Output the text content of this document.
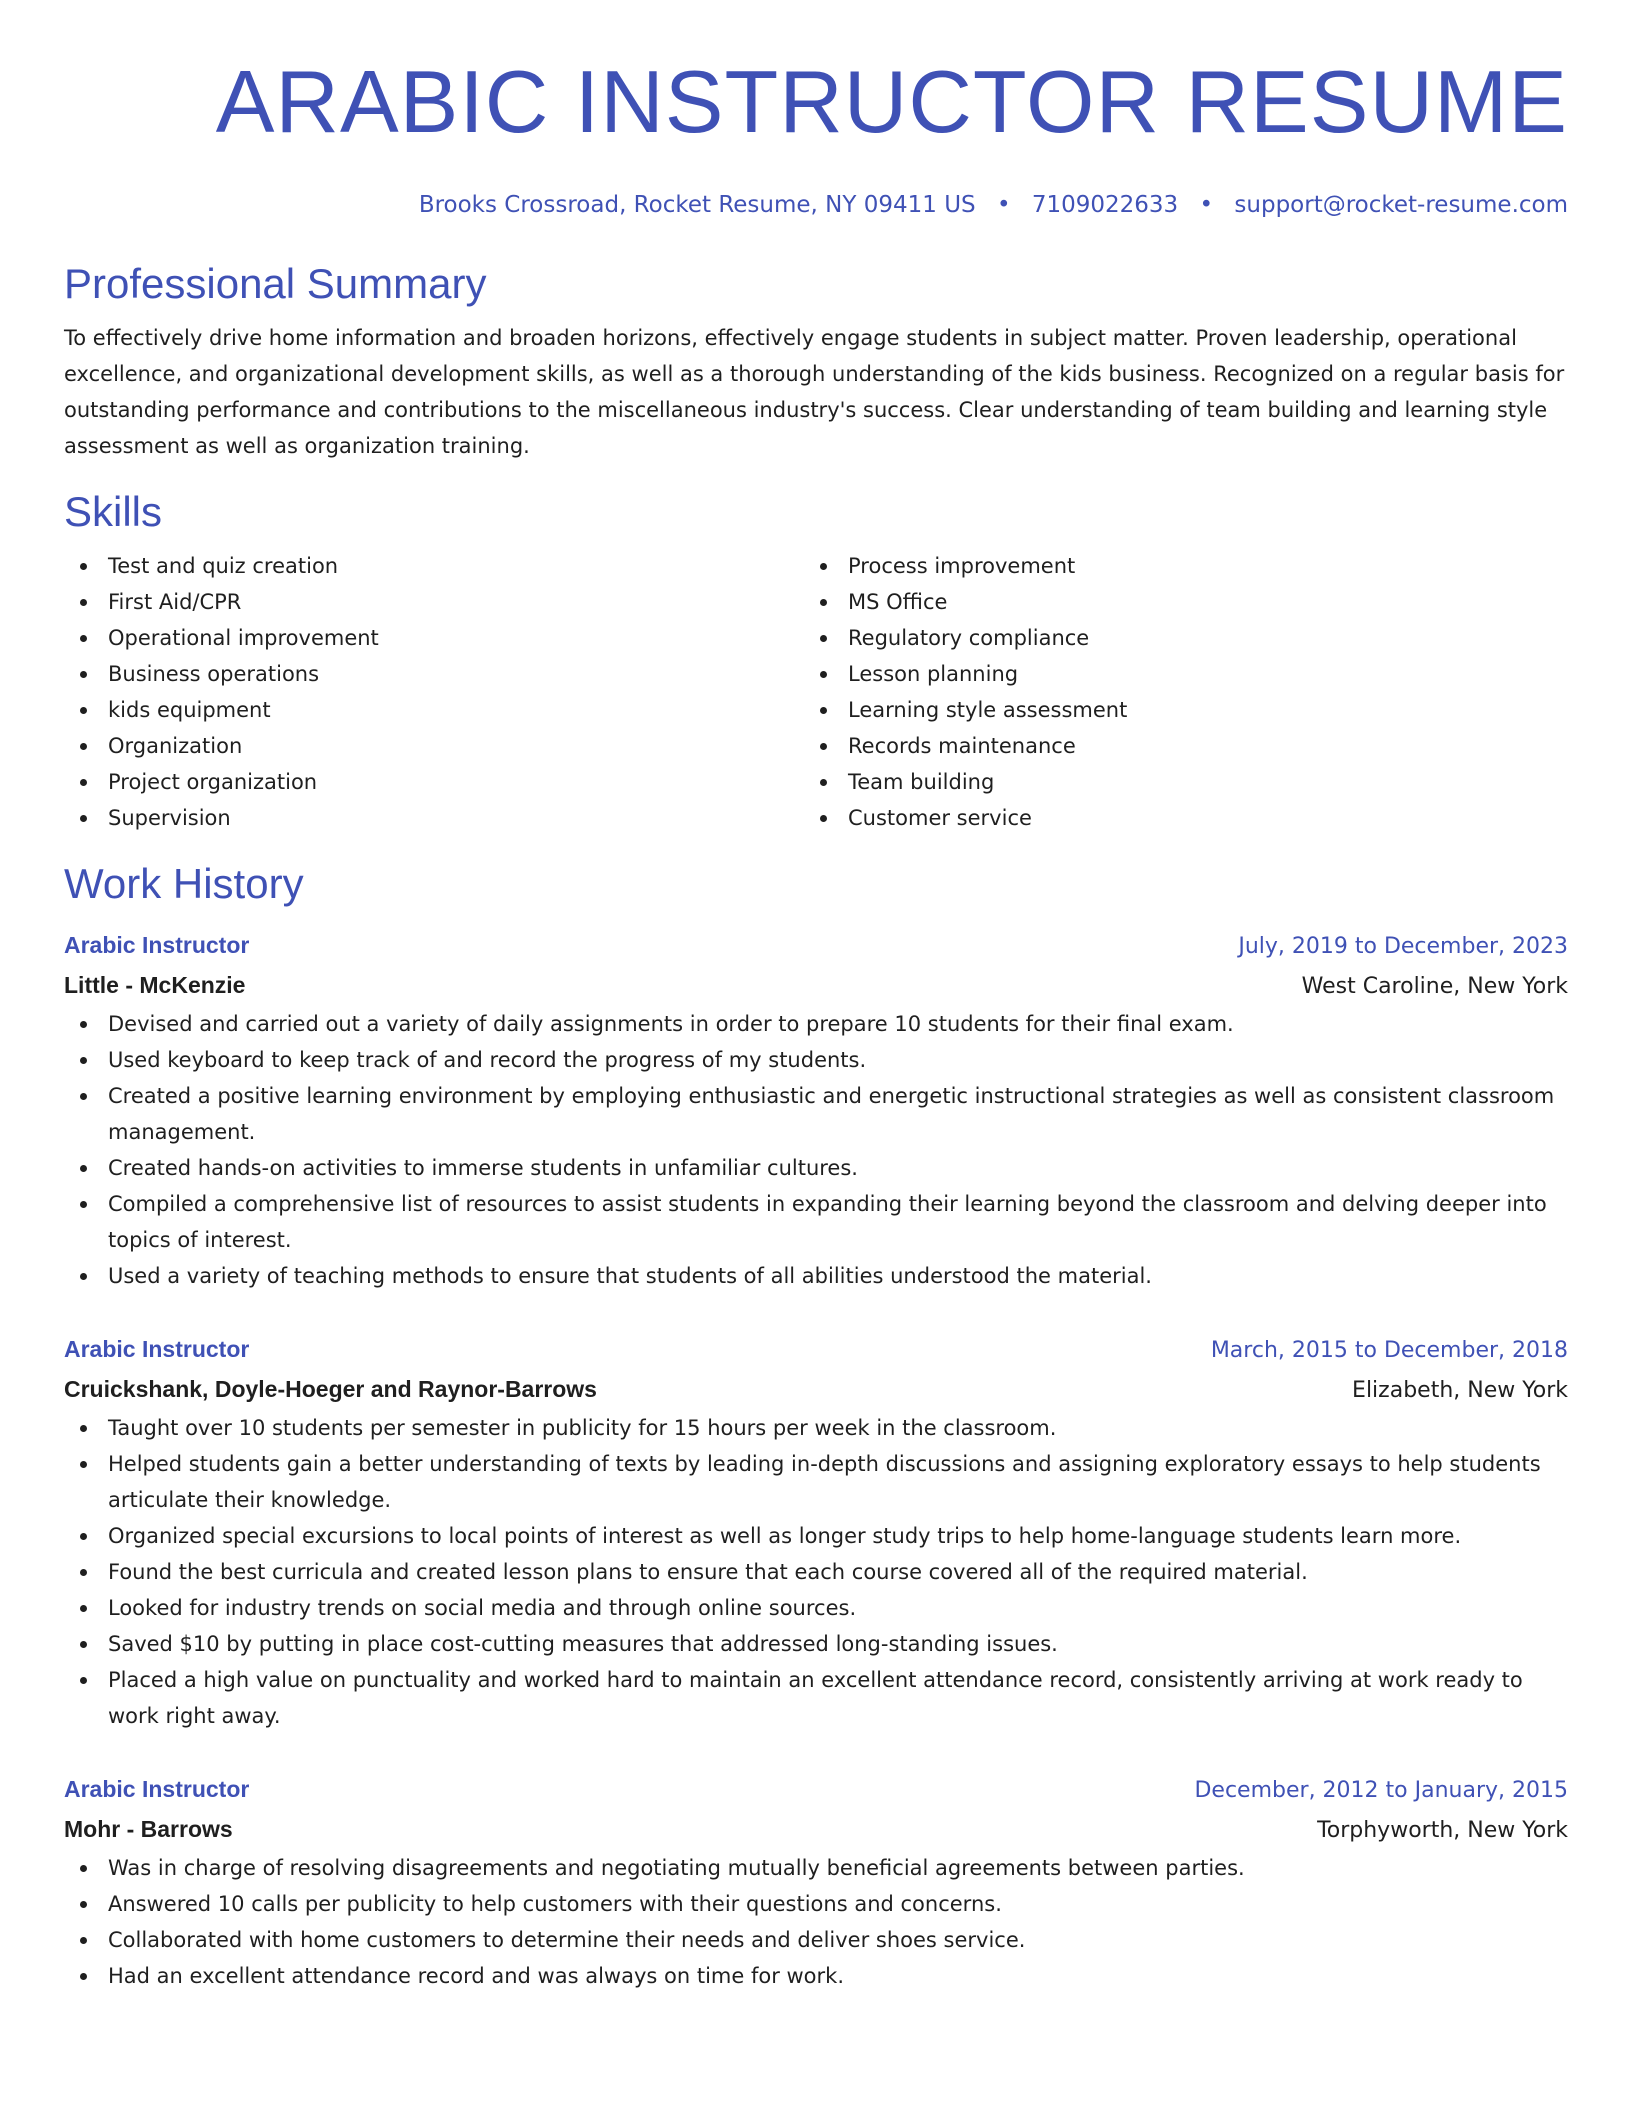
ARABIC INSTRUCTOR RESUME
Brooks Crossroad, Rocket Resume, NY 09411 US • 7109022633 • support@rocket-resume.com
Professional Summary

To effectively drive home information and broaden horizons, effectively engage students in subject matter. Proven leadership, operational excellence, and organizational development skills, as well as a thorough understanding of the kids business. Recognized on a regular basis for outstanding performance and contributions to the miscellaneous industry's success. Clear understanding of team building and learning style assessment as well as organization training.

Skills
Test and quiz creation
First Aid/CPR
Operational improvement
Business operations
kids equipment
Organization
Project organization
Supervision
Process improvement
MS Office
Regulatory compliance
Lesson planning
Learning style assessment
Records maintenance
Team building
Customer service
Work History
Arabic Instructor	July, 2019 to December, 2023
Little - McKenzie	West Caroline, New York
Devised and carried out a variety of daily assignments in order to prepare 10 students for their final exam.
Used keyboard to keep track of and record the progress of my students.
Created a positive learning environment by employing enthusiastic and energetic instructional strategies as well as consistent classroom management.
Created hands-on activities to immerse students in unfamiliar cultures.
Compiled a comprehensive list of resources to assist students in expanding their learning beyond the classroom and delving deeper into topics of interest.
Used a variety of teaching methods to ensure that students of all abilities understood the material.
Arabic Instructor	March, 2015 to December, 2018
Cruickshank, Doyle-Hoeger and Raynor-Barrows	Elizabeth, New York
Taught over 10 students per semester in publicity for 15 hours per week in the classroom.
Helped students gain a better understanding of texts by leading in-depth discussions and assigning exploratory essays to help students articulate their knowledge.
Organized special excursions to local points of interest as well as longer study trips to help home-language students learn more.
Found the best curricula and created lesson plans to ensure that each course covered all of the required material.
Looked for industry trends on social media and through online sources.
Saved $10 by putting in place cost-cutting measures that addressed long-standing issues.
Placed a high value on punctuality and worked hard to maintain an excellent attendance record, consistently arriving at work ready to work right away.
Arabic Instructor	December, 2012 to January, 2015
Mohr - Barrows	Torphyworth, New York
Was in charge of resolving disagreements and negotiating mutually beneficial agreements between parties.
Answered 10 calls per publicity to help customers with their questions and concerns.
Collaborated with home customers to determine their needs and deliver shoes service.
Had an excellent attendance record and was always on time for work.
